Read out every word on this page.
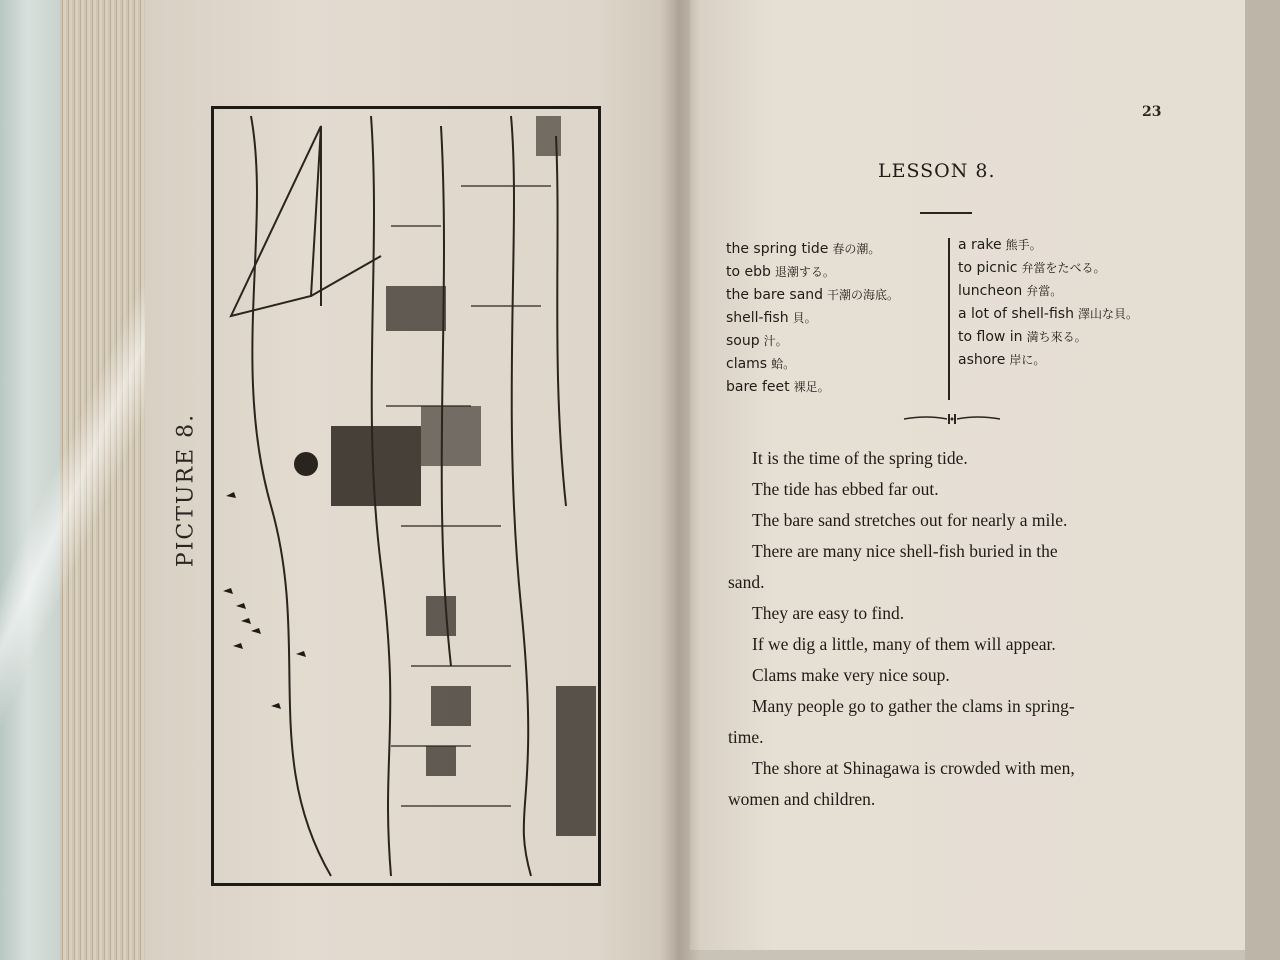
PICTURE 8.
23
LESSON 8.
the spring tide 春の潮。
to ebb 退潮する。
the bare sand 干潮の海底。
shell-fish 貝。
soup 汁。
clams 蛤。
bare feet 裸足。
a rake 熊手。
to picnic 弁當をたべる。
luncheon 弁當。
a lot of shell-fish 澤山な貝。
to flow in 満ち來る。
ashore 岸に。

It is the time of the spring tide.

The tide has ebbed far out.

The bare sand stretches out for nearly a mile.

There are many nice shell-fish buried in the

sand.

They are easy to find.

If we dig a little, many of them will appear.

Clams make very nice soup.

Many people go to gather the clams in spring-

time.

The shore at Shinagawa is crowded with men,

women and children.
